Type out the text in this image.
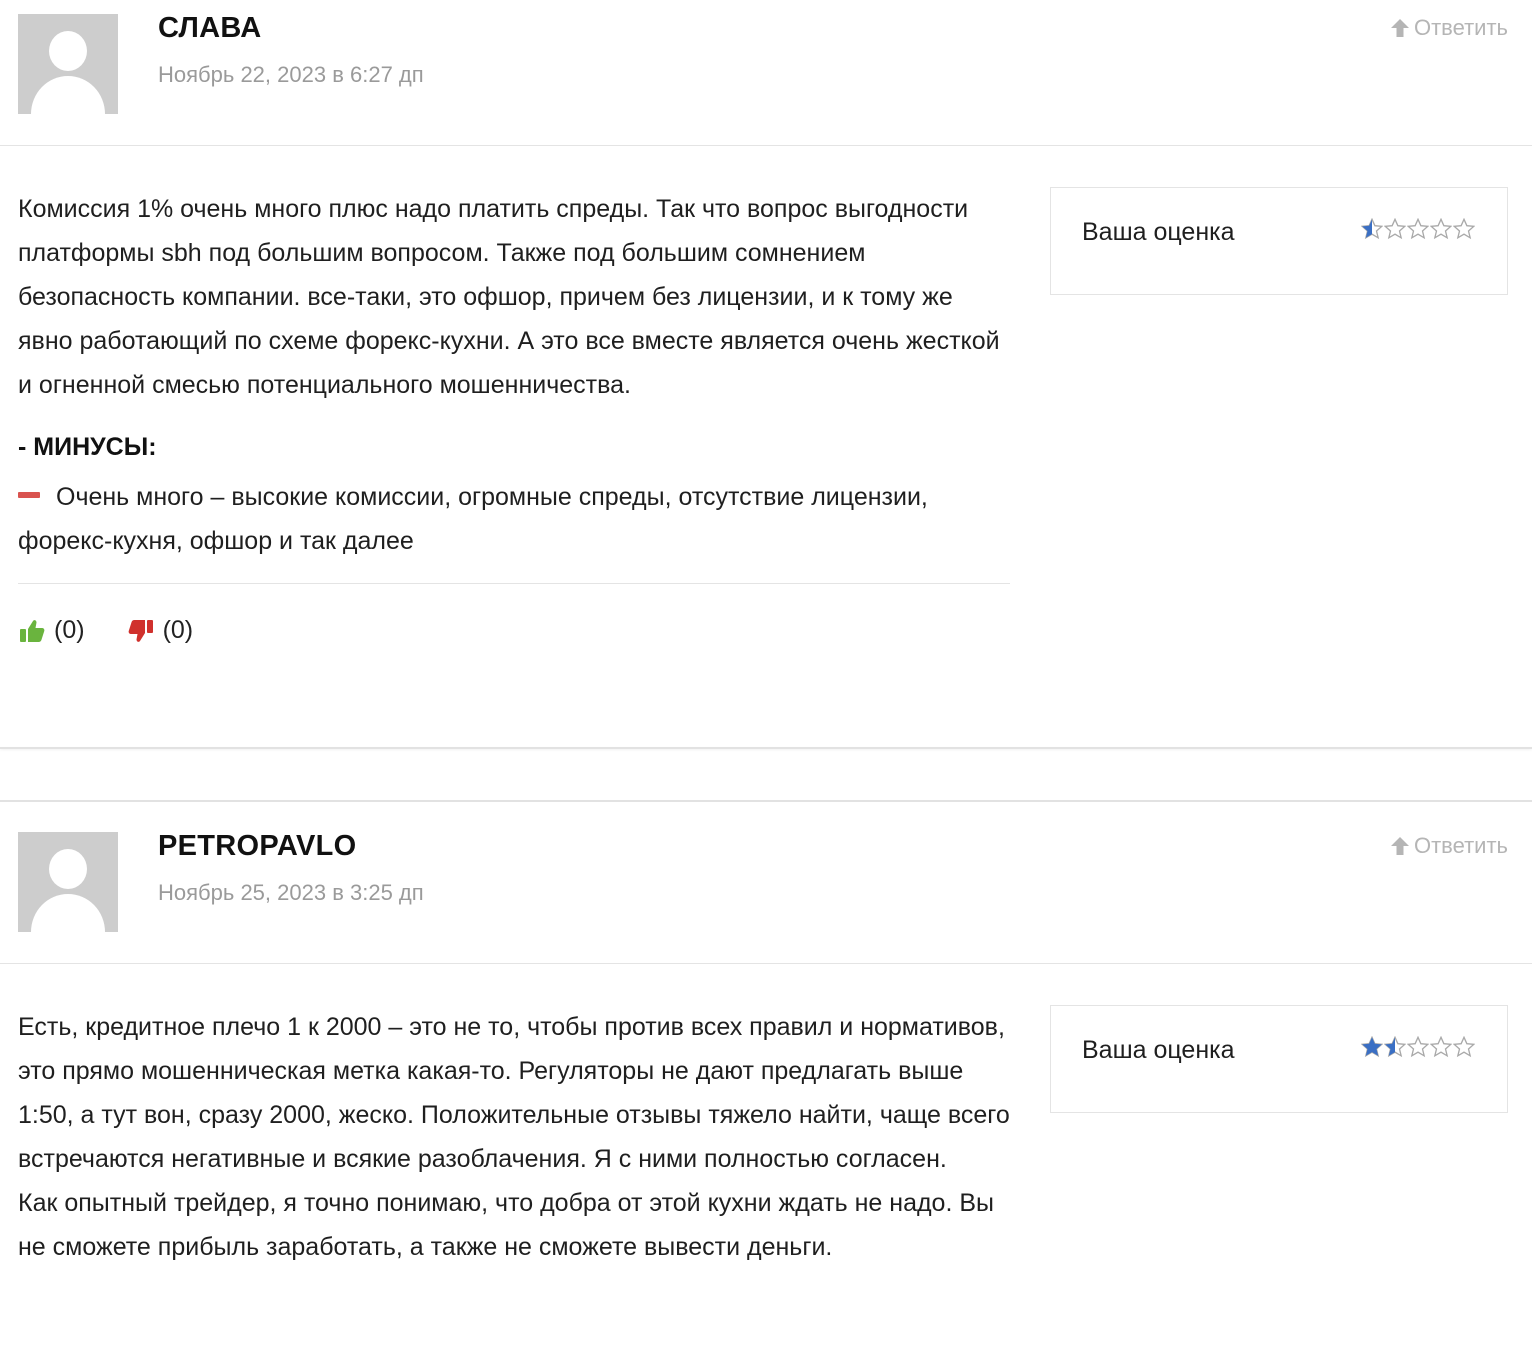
СЛАВА
Ноябрь 22, 2023 в 6:27 дп
Ответить

Комиссия 1% очень много плюс надо платить спреды. Так что вопрос выгодности платформы sbh под большим вопросом. Также под большим сомнением безопасность компании. все-таки, это офшор, причем без лицензии, и к тому же явно работающий по схеме форекс-кухни. А это все вместе является очень жесткой и огненной смесью потенциального мошенничества.

- МИНУСЫ:
Очень много – высокие комиссии, огромные спреды, отсутствие лицензии, форекс-кухня, офшор и так далее
(0)	(0)
Ваша оценка
PETROPAVLO
Ноябрь 25, 2023 в 3:25 дп
Ответить

Есть, кредитное плечо 1 к 2000 – это не то, чтобы против всех правил и нормативов, это прямо мошенническая метка какая-то. Регуляторы не дают предлагать выше 1:50, а тут вон, сразу 2000, жеско. Положительные отзывы тяжело найти, чаще всего встречаются негативные и всякие разоблачения. Я с ними полностью согласен.

Как опытный трейдер, я точно понимаю, что добра от этой кухни ждать не надо. Вы не сможете прибыль заработать, а также не сможете вывести деньги.

Ваша оценка
